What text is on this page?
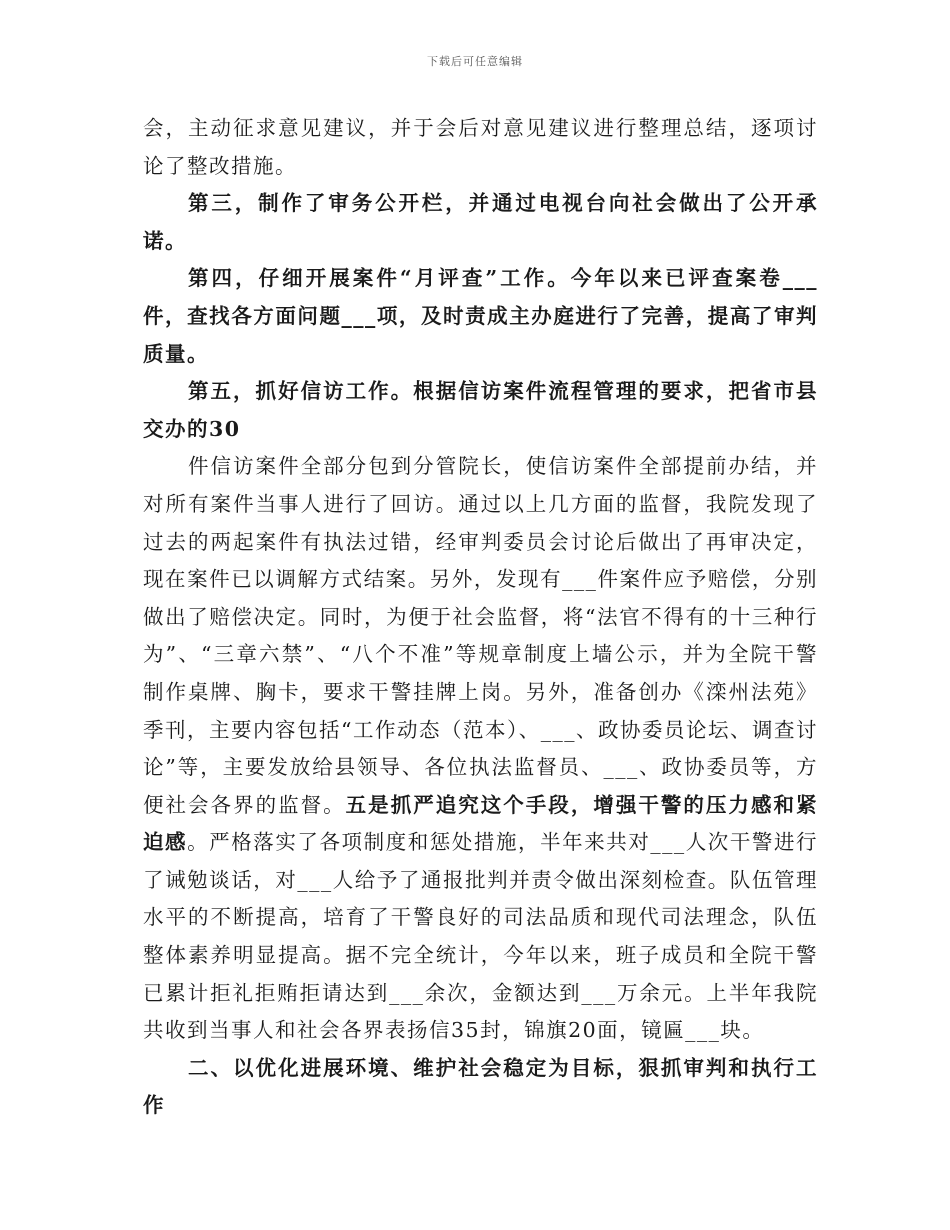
下载后可任意编辑

会，主动征求意见建议，并于会后对意见建议进行整理总结，逐项讨论了整改措施。

第三，制作了审务公开栏，并通过电视台向社会做出了公开承诺。

第四，仔细开展案件“月评查”工作。今年以来已评查案卷___件，查找各方面问题___项，及时责成主办庭进行了完善，提高了审判质量。

第五，抓好信访工作。根据信访案件流程管理的要求，把省市县交办的30

件信访案件全部分包到分管院长，使信访案件全部提前办结，并对所有案件当事人进行了回访。通过以上几方面的监督，我院发现了过去的两起案件有执法过错，经审判委员会讨论后做出了再审决定，现在案件已以调解方式结案。另外，发现有___件案件应予赔偿，分别做出了赔偿决定。同时，为便于社会监督，将“法官不得有的十三种行为”、“三章六禁”、“八个不准”等规章制度上墙公示，并为全院干警制作桌牌、胸卡，要求干警挂牌上岗。另外，准备创办《滦州法苑》季刊，主要内容包括“工作动态（范本）、___、政协委员论坛、调查讨论”等，主要发放给县领导、各位执法监督员、___、政协委员等，方便社会各界的监督。五是抓严追究这个手段，增强干警的压力感和紧迫感。严格落实了各项制度和惩处措施，半年来共对___人次干警进行了诫勉谈话，对___人给予了通报批判并责令做出深刻检查。队伍管理水平的不断提高，培育了干警良好的司法品质和现代司法理念，队伍整体素养明显提高。据不完全统计，今年以来，班子成员和全院干警已累计拒礼拒贿拒请达到___余次，金额达到___万余元。上半年我院共收到当事人和社会各界表扬信35封，锦旗20面，镜匾___块。

二、以优化进展环境、维护社会稳定为目标，狠抓审判和执行工作
